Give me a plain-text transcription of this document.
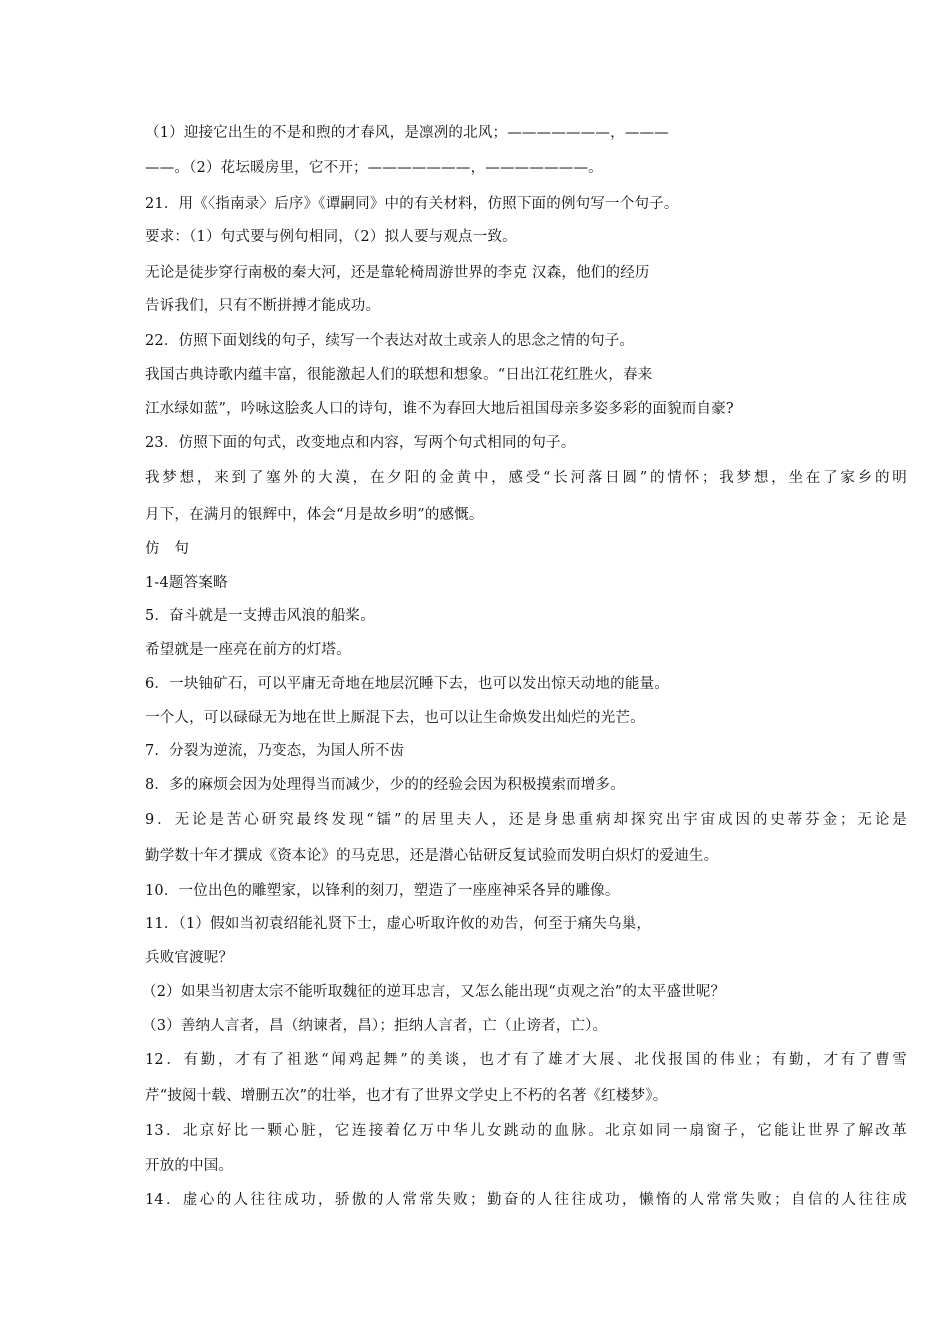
（1）迎接它出生的不是和煦的才春风，是凛冽的北风；———————，———
——。（2）花坛暖房里，它不开；———————，———————。
21．用《〈指南录〉后序》《谭嗣同》中的有关材料，仿照下面的例句写一个句子。
要求：（1）句式要与例句相同，（2）拟人要与观点一致。
无论是徒步穿行南极的秦大河，还是靠轮椅周游世界的李克 汉森，他们的经历
告诉我们，只有不断拼搏才能成功。
22．仿照下面划线的句子，续写一个表达对故土或亲人的思念之情的句子。
我国古典诗歌内蕴丰富，很能激起人们的联想和想象。“日出江花红胜火，春来
江水绿如蓝”，吟咏这脍炙人口的诗句，谁不为春回大地后祖国母亲多姿多彩的面貌而自豪?
23．仿照下面的句式，改变地点和内容，写两个句式相同的句子。
我梦想，来到了塞外的大漠，在夕阳的金黄中，感受“长河落日圆”的情怀；我梦想，坐在了家乡的明
月下，在满月的银辉中，体会“月是故乡明”的感慨。
仿　句
1-4题答案略
5．奋斗就是一支搏击风浪的船桨。
希望就是一座亮在前方的灯塔。
6．一块铀矿石，可以平庸无奇地在地层沉睡下去，也可以发出惊天动地的能量。
一个人，可以碌碌无为地在世上厮混下去，也可以让生命焕发出灿烂的光芒。
7．分裂为逆流，乃变态，为国人所不齿
8．多的麻烦会因为处理得当而减少，少的的经验会因为积极摸索而增多。
9．无论是苦心研究最终发现“镭”的居里夫人，还是身患重病却探究出宇宙成因的史蒂芬金；无论是
勤学数十年才撰成《资本论》的马克思，还是潜心钻研反复试验而发明白炽灯的爱迪生。
10．一位出色的雕塑家，以锋利的刻刀，塑造了一座座神采各异的雕像。
11．（1）假如当初袁绍能礼贤下士，虚心听取许攸的劝告，何至于痛失乌巢，
兵败官渡呢？
（2）如果当初唐太宗不能听取魏征的逆耳忠言，又怎么能出现“贞观之治”的太平盛世呢？
（3）善纳人言者，昌（纳谏者，昌）；拒纳人言者，亡（止谤者，亡）。
12．有勤，才有了祖逖“闻鸡起舞”的美谈，也才有了雄才大展、北伐报国的伟业；有勤，才有了曹雪
芹“披阅十载、增删五次”的壮举，也才有了世界文学史上不朽的名著《红楼梦》。
13．北京好比一颗心脏，它连接着亿万中华儿女跳动的血脉。北京如同一扇窗子，它能让世界了解改革
开放的中国。
14．虚心的人往往成功，骄傲的人常常失败；勤奋的人往往成功，懒惰的人常常失败；自信的人往往成
